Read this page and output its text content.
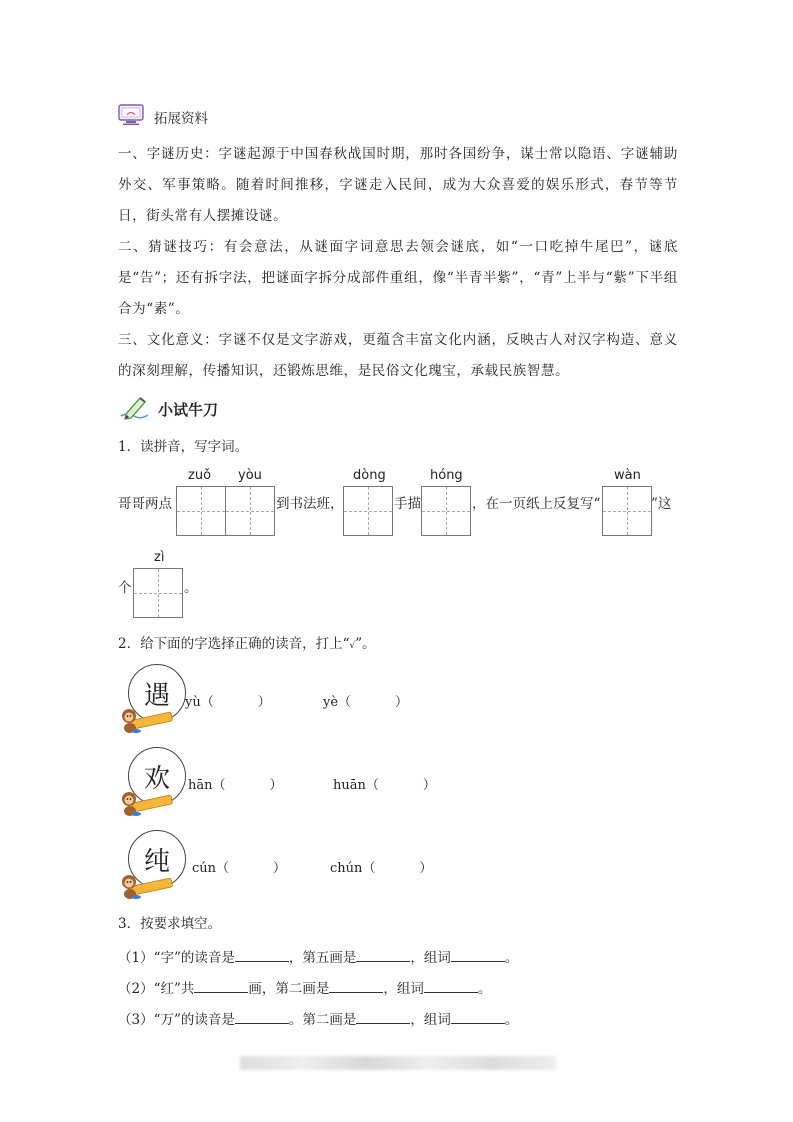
拓展资料
一、字谜历史：字谜起源于中国春秋战国时期，那时各国纷争，谋士常以隐语、字谜辅助外交、军事策略。随着时间推移，字谜走入民间，成为大众喜爱的娱乐形式，春节等节日，街头常有人摆摊设谜。
二、猜谜技巧：有会意法，从谜面字词意思去领会谜底，如“一口吃掉牛尾巴”，谜底是“告”；还有拆字法，把谜面字拆分成部件重组，像“半青半紫”，“青”上半与“紫”下半组合为“素”。
三、文化意义：字谜不仅是文字游戏，更蕴含丰富文化内涵，反映古人对汉字构造、意义的深刻理解，传播知识，还锻炼思维，是民俗文化瑰宝，承载民族智慧。
小试牛刀
1．读拼音，写字词。
zuǒ yòu	dòng	hóng	wàn
哥哥两点	到书法班，	手描	，在一页纸上反复写“	”这
zì
个	。
2．给下面的字选择正确的读音，打上“√”。
遇 yù（	）	yè（	）
欢 hān（	）	huān（	）
纯 cún（	）	chún（	）
3．按要求填空。
（1）“字”的读音是	，第五画是	，组词	。
（2）“红”共	画，第二画是	，组词	。
（3）“万”的读音是	。第二画是	，组词	。
